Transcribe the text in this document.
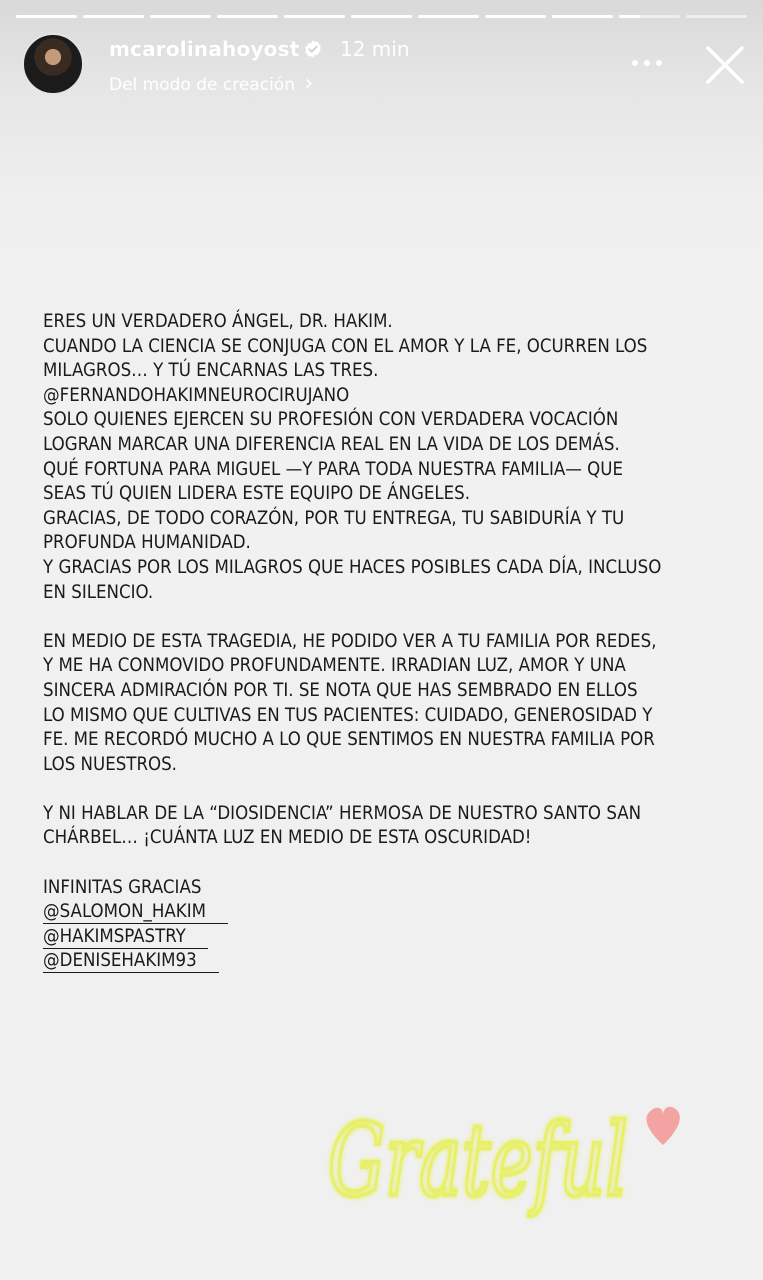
mcarolinahoyost 12 min
Del modo de creación ›

ERES UN VERDADERO ÁNGEL, DR. HAKIM.
CUANDO LA CIENCIA SE CONJUGA CON EL AMOR Y LA FE, OCURREN LOS
MILAGROS… Y TÚ ENCARNAS LAS TRES.
@FERNANDOHAKIMNEUROCIRUJANO
SOLO QUIENES EJERCEN SU PROFESIÓN CON VERDADERA VOCACIÓN
LOGRAN MARCAR UNA DIFERENCIA REAL EN LA VIDA DE LOS DEMÁS.
QUÉ FORTUNA PARA MIGUEL —Y PARA TODA NUESTRA FAMILIA— QUE
SEAS TÚ QUIEN LIDERA ESTE EQUIPO DE ÁNGELES.
GRACIAS, DE TODO CORAZÓN, POR TU ENTREGA, TU SABIDURÍA Y TU
PROFUNDA HUMANIDAD.
Y GRACIAS POR LOS MILAGROS QUE HACES POSIBLES CADA DÍA, INCLUSO
EN SILENCIO.

EN MEDIO DE ESTA TRAGEDIA, HE PODIDO VER A TU FAMILIA POR REDES,
Y ME HA CONMOVIDO PROFUNDAMENTE. IRRADIAN LUZ, AMOR Y UNA
SINCERA ADMIRACIÓN POR TI. SE NOTA QUE HAS SEMBRADO EN ELLOS
LO MISMO QUE CULTIVAS EN TUS PACIENTES: CUIDADO, GENEROSIDAD Y
FE. ME RECORDÓ MUCHO A LO QUE SENTIMOS EN NUESTRA FAMILIA POR
LOS NUESTROS.

Y NI HABLAR DE LA “DIOSIDENCIA” HERMOSA DE NUESTRO SANTO SAN
CHÁRBEL… ¡CUÁNTA LUZ EN MEDIO DE ESTA OSCURIDAD!

INFINITAS GRACIAS
@SALOMON_HAKIM
@HAKIMSPASTRY
@DENISEHAKIM93

Grateful
